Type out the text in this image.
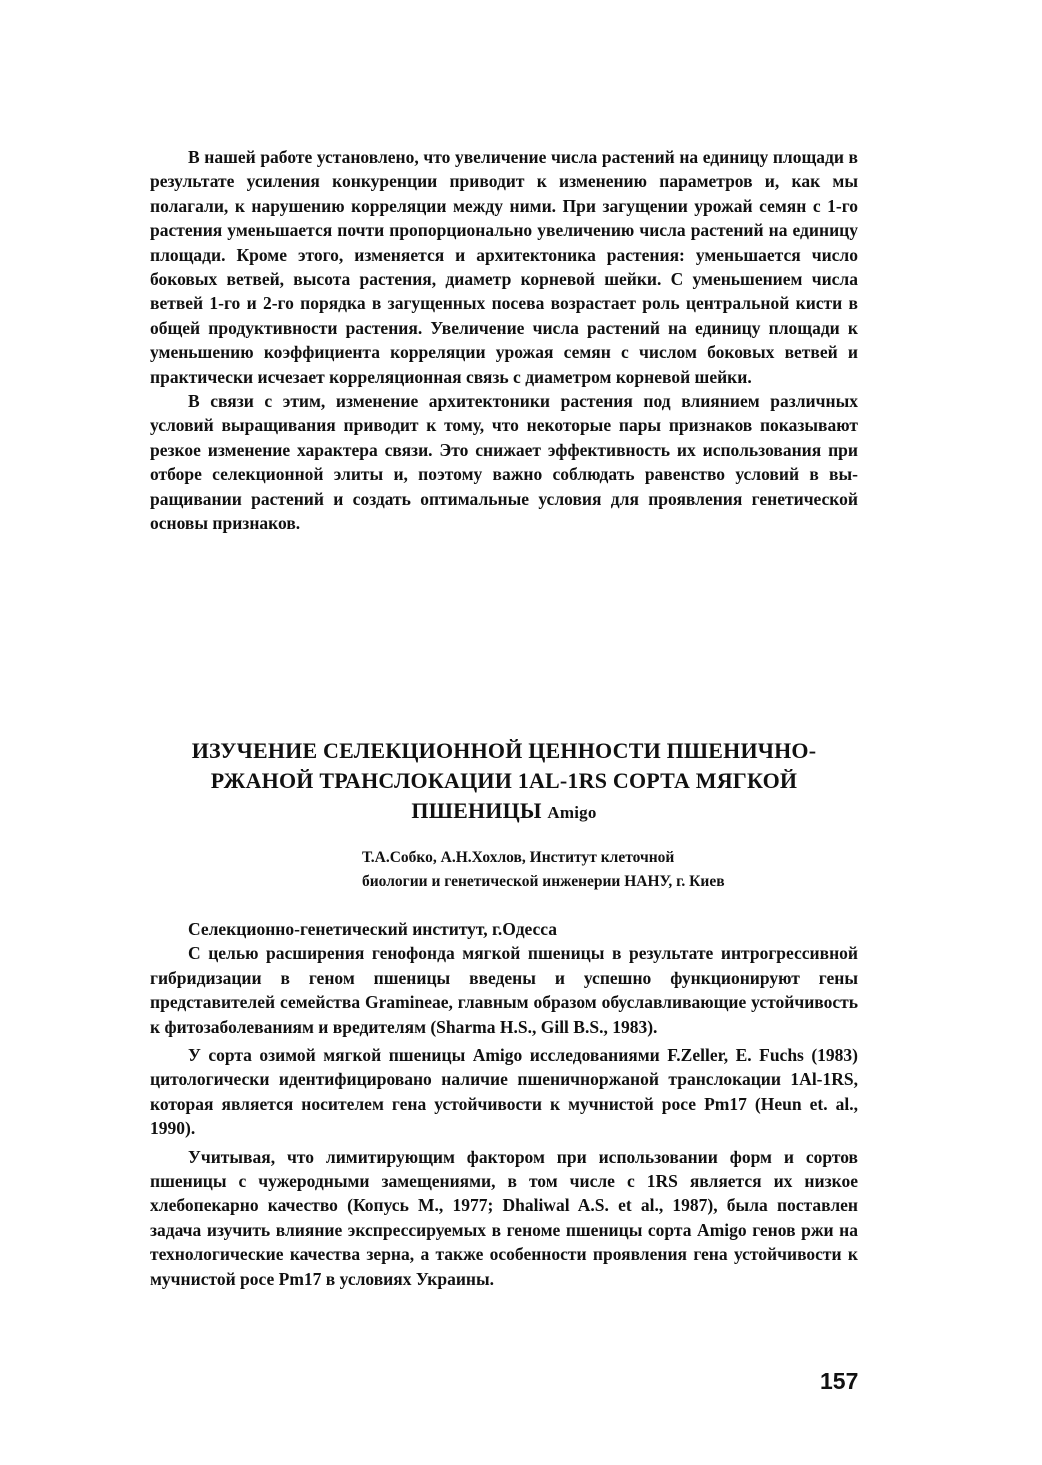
В нашей работе установлено, что увеличение числа растений на единицу площади в результате усиления конкуренции приводит к изменению параметров и, как мы полагали, к нарушению корреляции между ними. При загущении урожай семян с 1-го растения уменьшается почти пропорционально увеличению числа растений на единицу площади. Кроме этого, изменяется и архитектоника растения: уменьшается число боковых ветвей, высота растения, диаметр корневой шейки. С уменьшением числа ветвей 1-го и 2-го порядка в загущенных посева возрастает роль центральной кисти в общей продуктивности растения. Увеличение числа растений на единицу площади к уменьшению коэффициента корреляции урожая семян с числом боковых ветвей и практически исчезает корреляционная связь с диаметром корневой шейки.

В связи с этим, изменение архитектоники растения под влиянием различных условий выращивания приводит к тому, что некоторые пары признаков показывают резкое изменение характера связи. Это снижает эффективность их использования при отборе селекционной элиты и, поэтому важно соблюдать равенство условий в выращивании растений и создать оптимальные условия для проявления генетической основы признаков.

ИЗУЧЕНИЕ СЕЛЕКЦИОННОЙ ЦЕННОСТИ ПШЕНИЧНО-
РЖАНОЙ ТРАНСЛОКАЦИИ 1AL-1RS СОРТА МЯГКОЙ
ПШЕНИЦЫ Amigo

Т.А.Собко, А.Н.Хохлов, Институт клеточной
биологии и генетической инженерии НАНУ, г. Киев

Селекционно-генетический институт, г.Одесса

С целью расширения генофонда мягкой пшеницы в результате интрогрессивной гибридизации в геном пшеницы введены и успешно функционируют гены представителей семейства Gramineae, главным образом обуславливающие устойчивость к фитозаболеваниям и вредителям (Sharma H.S., Gill B.S., 1983).

У сорта озимой мягкой пшеницы Amigo исследованиями F.Zeller, E. Fuchs (1983) цитологически идентифицировано наличие пшеничноржаной транслокации 1Al-1RS, которая является носителем гена устойчивости к мучнистой росе Pm17 (Heun et. al., 1990).

Учитывая, что лимитирующим фактором при использовании форм и сортов пшеницы с чужеродными замещениями, в том числе с 1RS является их низкое хлебопекарно качество (Копусь М., 1977; Dhaliwal A.S. et al., 1987), была поставлен задача изучить влияние экспрессируемых в геноме пшеницы сорта Amigo генов ржи на технологические качества зерна, а также особенности проявления гена устойчивости к мучнистой росе Pm17 в условиях Украины.

157
